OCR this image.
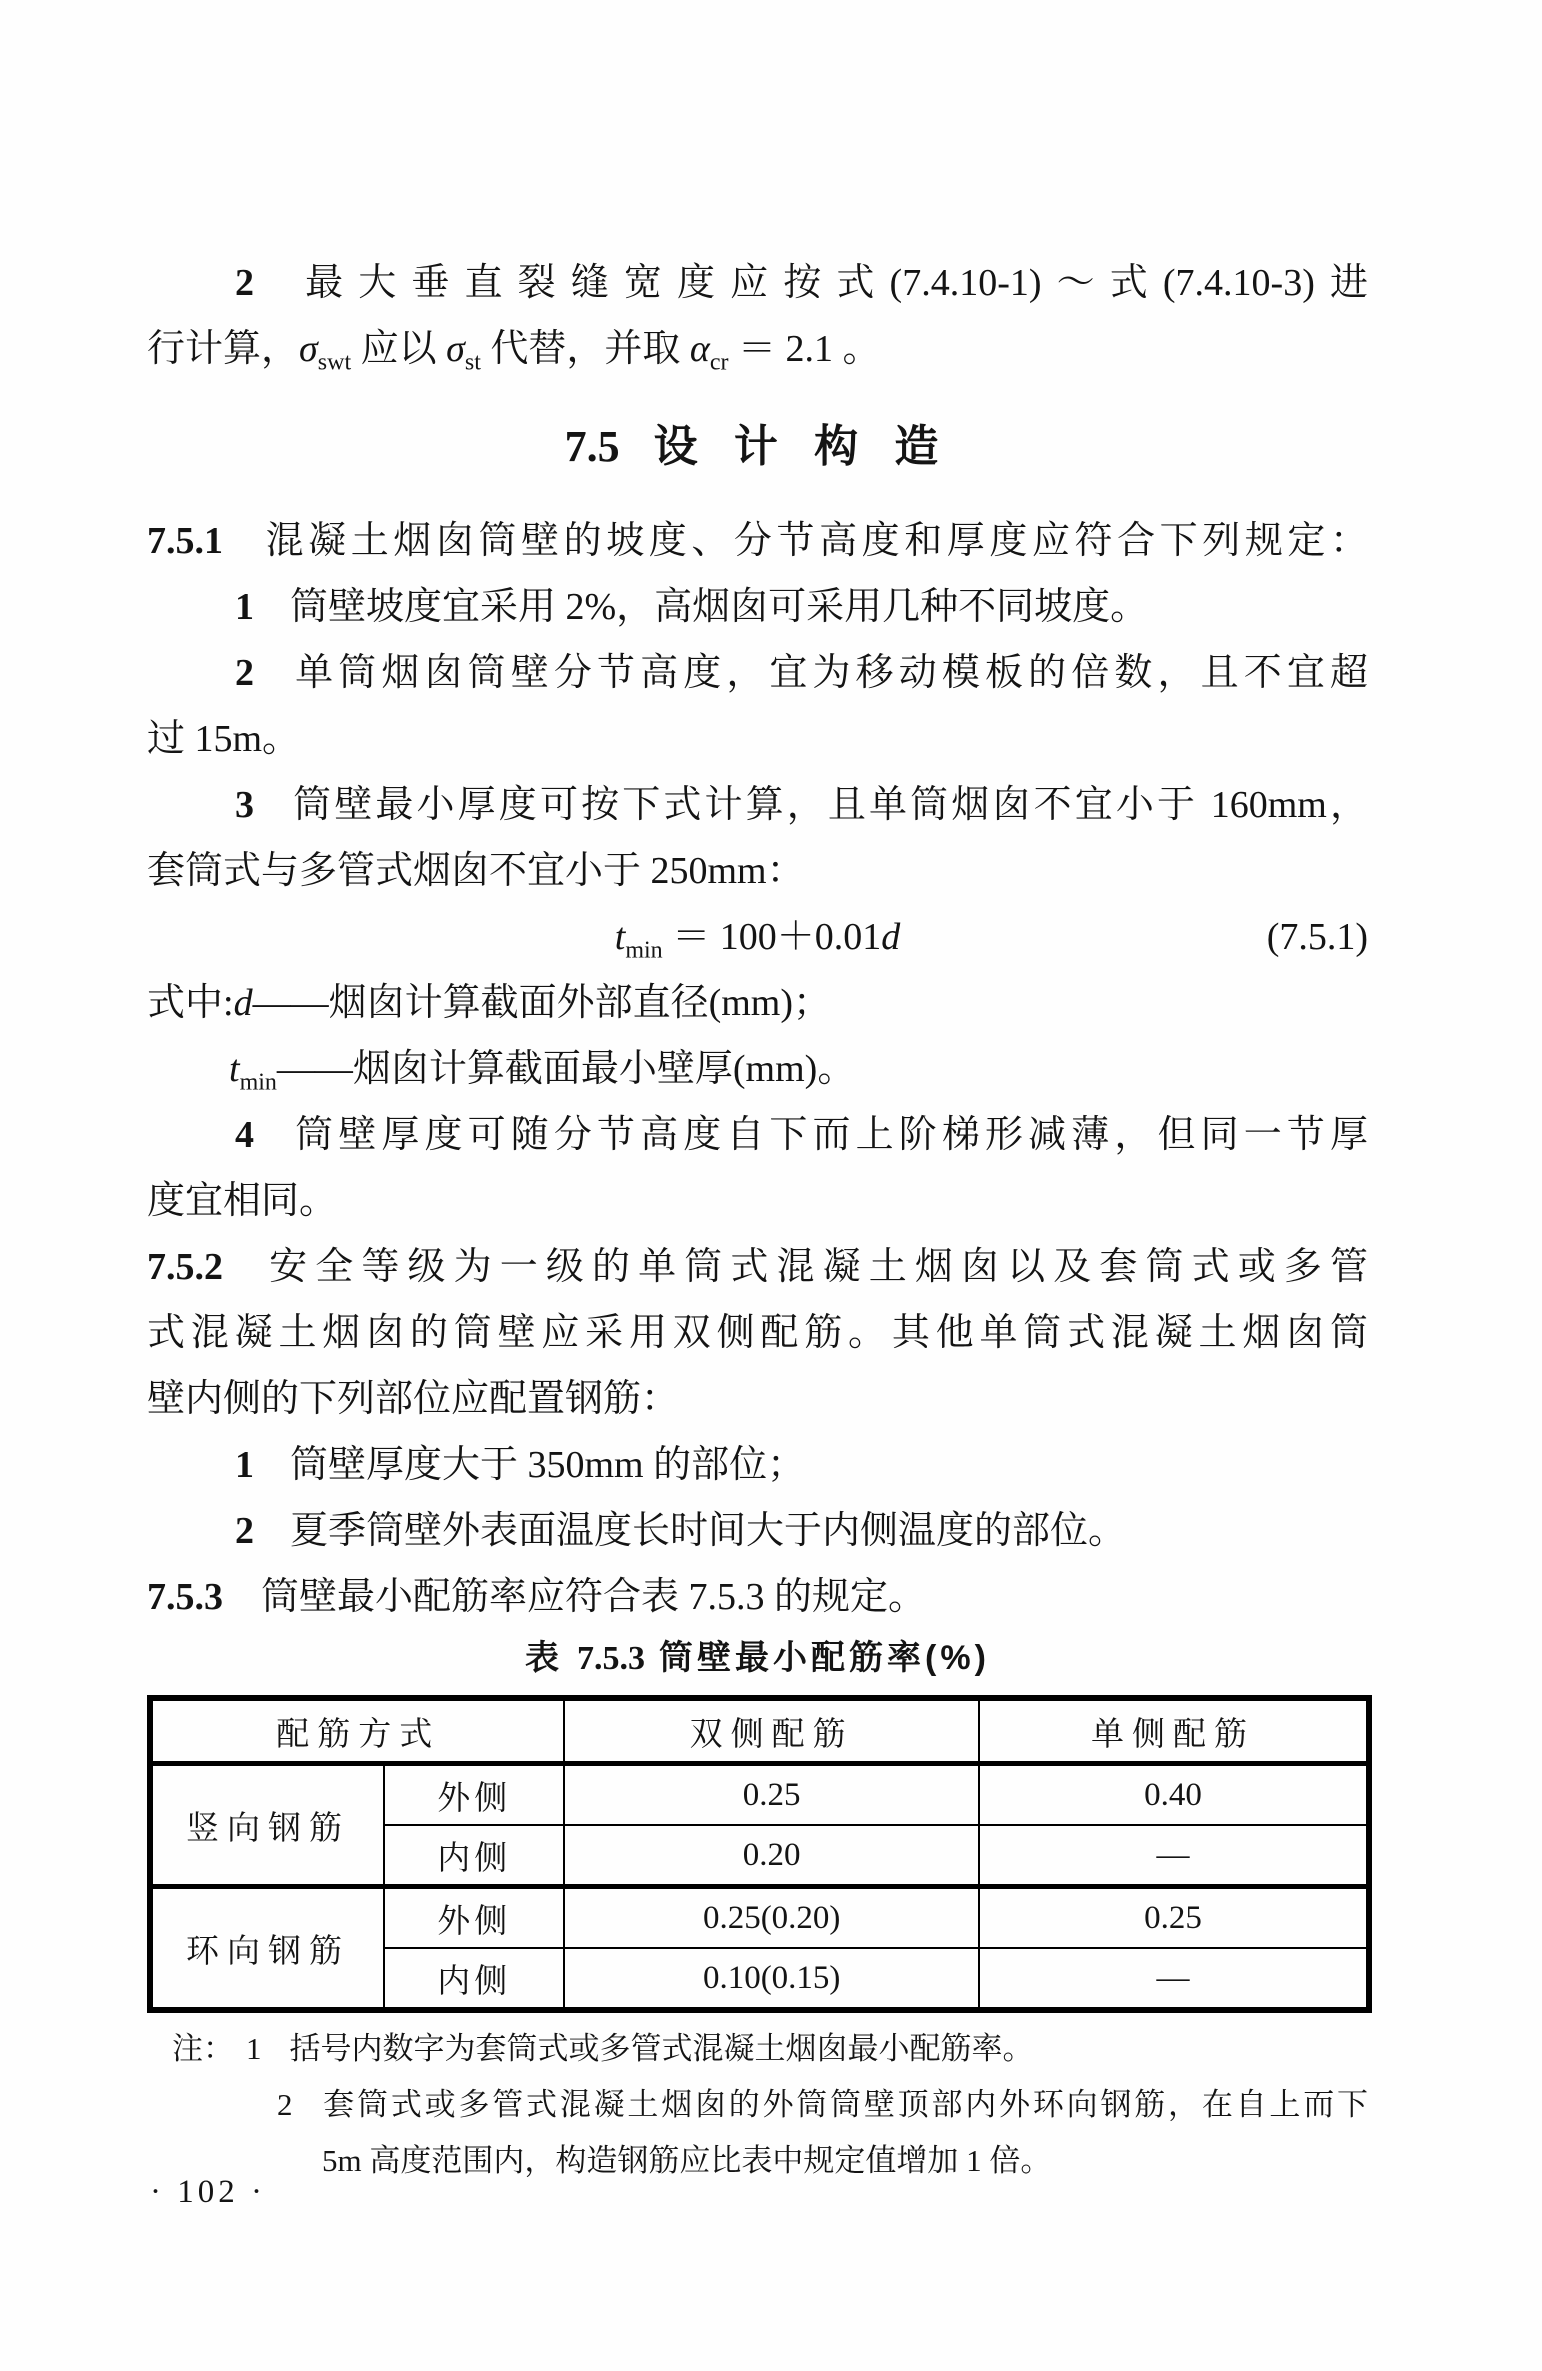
2 最大垂直裂缝宽度应按式(7.4.10-1)～式(7.4.10-3)进
行计算，$\sigma_{swt}$ 应以 $\sigma_{st}$ 代替，并取 $\alpha_{cr} = 2.1$ 。
7.5 设 计 构 造
7.5.1 混凝土烟囱筒壁的坡度、分节高度和厚度应符合下列规定：
1 筒壁坡度宜采用 2%，高烟囱可采用几种不同坡度。
2 单筒烟囱筒壁分节高度，宜为移动模板的倍数，且不宜超
过 15m。
3 筒壁最小厚度可按下式计算，且单筒烟囱不宜小于 160mm，
套筒式与多管式烟囱不宜小于 250mm：
$t_{min} = 100+0.01d$	(7.5.1)
式中:d——烟囱计算截面外部直径(mm)；
$t_{min}——$烟囱计算截面最小壁厚(mm)。
4 筒壁厚度可随分节高度自下而上阶梯形减薄，但同一节厚
度宜相同。
7.5.2 安全等级为一级的单筒式混凝土烟囱以及套筒式或多管
式混凝土烟囱的筒壁应采用双侧配筋。其他单筒式混凝土烟囱筒
壁内侧的下列部位应配置钢筋：
1 筒壁厚度大于 350mm 的部位；
2 夏季筒壁外表面温度长时间大于内侧温度的部位。
7.5.3 筒壁最小配筋率应符合表 7.5.3 的规定。
表 7.5.3 筒壁最小配筋率(%)
配筋方式		双侧配筋	单侧配筋
竖向钢筋	外侧	0.25	0.40
	内侧	0.20	—
环向钢筋	外侧	0.25(0.20)	0.25
	内侧	0.10(0.15)	—
注： 1 括号内数字为套筒式或多管式混凝土烟囱最小配筋率。
2 套筒式或多管式混凝土烟囱的外筒筒壁顶部内外环向钢筋，在自上而下
5m 高度范围内，构造钢筋应比表中规定值增加 1 倍。
· 102 ·
